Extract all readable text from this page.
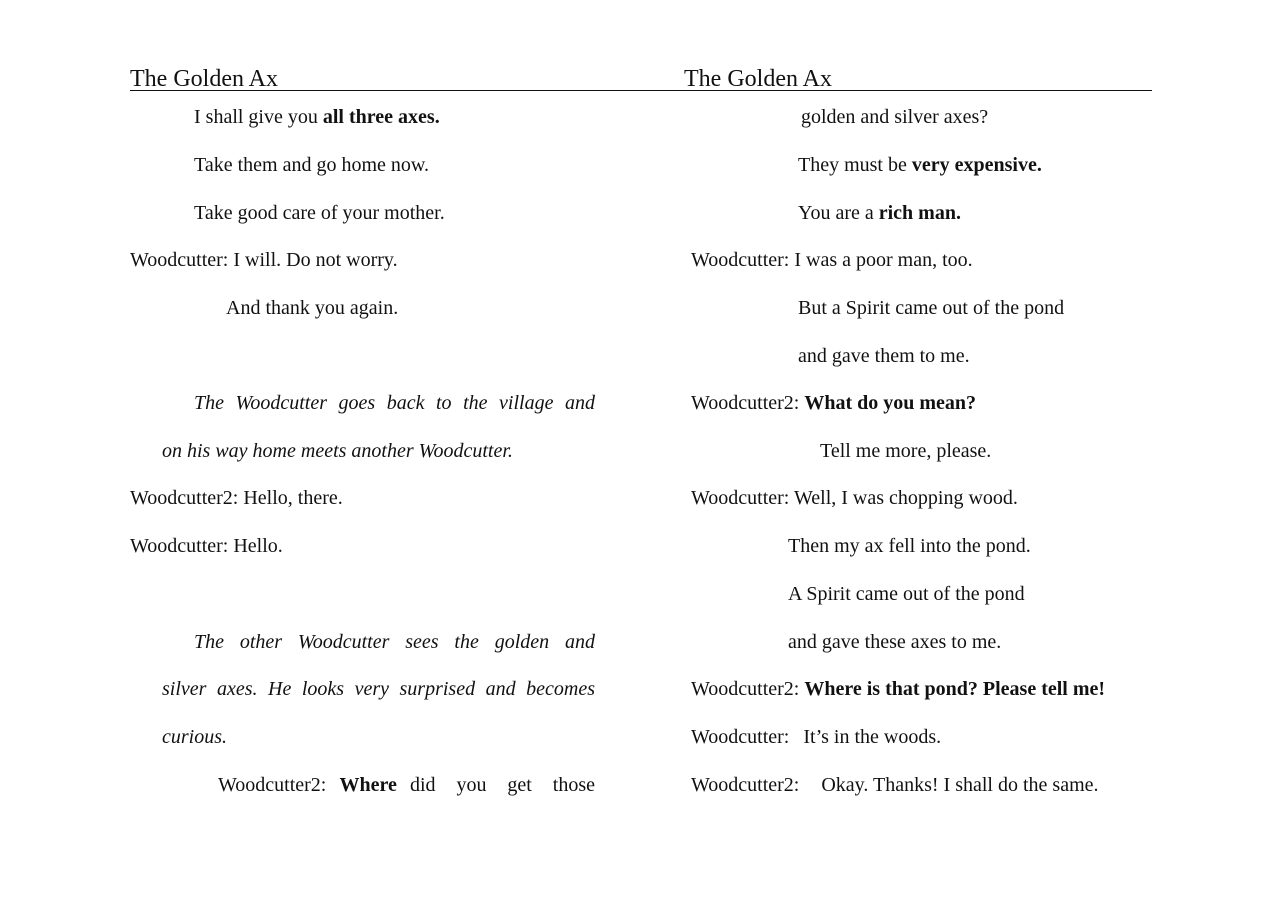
The Golden Ax
I shall give you all three axes.
Take them and go home now.
Take good care of your mother.
Woodcutter: I will. Do not worry.
And thank you again.
The Woodcutter goes back to the village and
on his way home meets another Woodcutter.
Woodcutter2: Hello, there.
Woodcutter: Hello.
The other Woodcutter sees the golden and
silver axes. He looks very surprised and becomes
curious.
Woodcutter2: Where did you get those
The Golden Ax
golden and silver axes?
They must be very expensive.
You are a rich man.
Woodcutter: I was a poor man, too.
But a Spirit came out of the pond
and gave them to me.
Woodcutter2: What do you mean?
Tell me more, please.
Woodcutter: Well, I was chopping wood.
Then my ax fell into the pond.
A Spirit came out of the pond
and gave these axes to me.
Woodcutter2: Where is that pond? Please tell me!
Woodcutter: It’s in the woods.
Woodcutter2: Okay. Thanks! I shall do the same.
